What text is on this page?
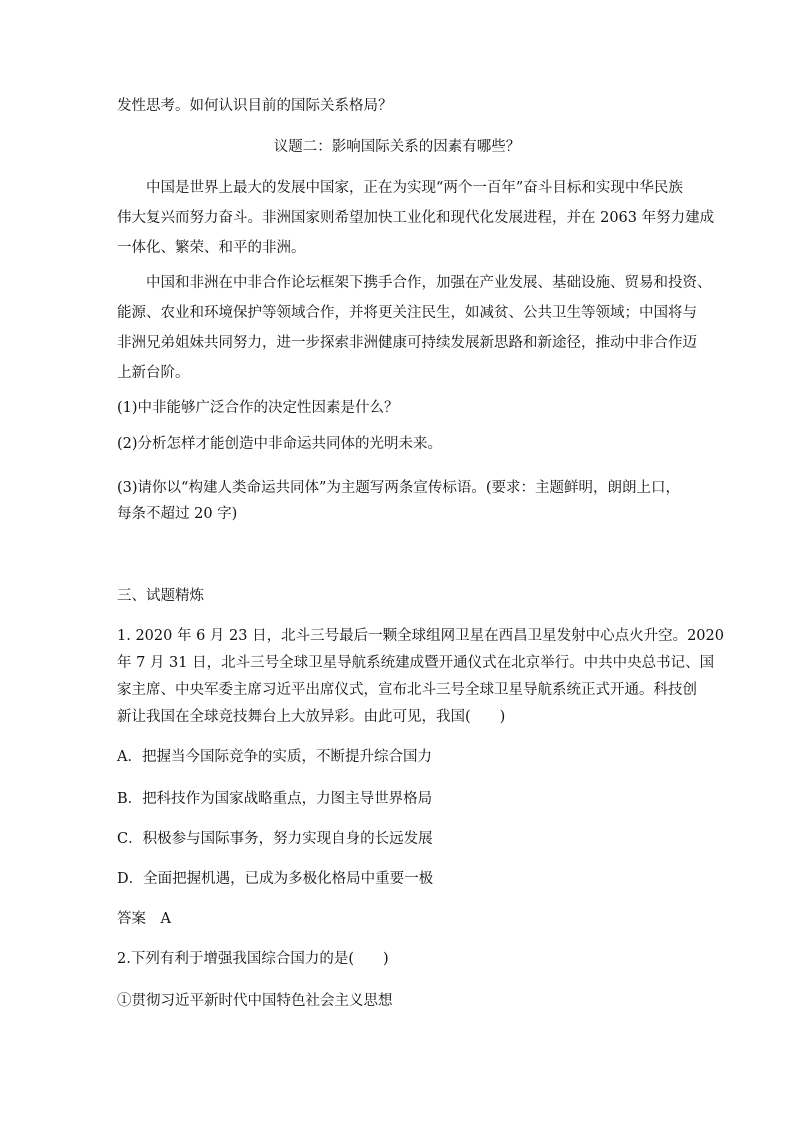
发性思考。如何认识目前的国际关系格局？
议题二：影响国际关系的因素有哪些？
中国是世界上最大的发展中国家，正在为实现“两个一百年”奋斗目标和实现中华民族
伟大复兴而努力奋斗。非洲国家则希望加快工业化和现代化发展进程，并在 2063 年努力建成
一体化、繁荣、和平的非洲。
中国和非洲在中非合作论坛框架下携手合作，加强在产业发展、基础设施、贸易和投资、
能源、农业和环境保护等领域合作，并将更关注民生，如减贫、公共卫生等领域；中国将与
非洲兄弟姐妹共同努力，进一步探索非洲健康可持续发展新思路和新途径，推动中非合作迈
上新台阶。
(1)中非能够广泛合作的决定性因素是什么？
(2)分析怎样才能创造中非命运共同体的光明未来。
(3)请你以“构建人类命运共同体”为主题写两条宣传标语。(要求：主题鲜明，朗朗上口，
每条不超过 20 字)
三、试题精炼
1. 2020 年 6 月 23 日，北斗三号最后一颗全球组网卫星在西昌卫星发射中心点火升空。2020
年 7 月 31 日，北斗三号全球卫星导航系统建成暨开通仪式在北京举行。中共中央总书记、国
家主席、中央军委主席习近平出席仪式，宣布北斗三号全球卫星导航系统正式开通。科技创
新让我国在全球竞技舞台上大放异彩。由此可见，我国(　　)
A．把握当今国际竞争的实质，不断提升综合国力
B．把科技作为国家战略重点，力图主导世界格局
C．积极参与国际事务，努力实现自身的长远发展
D．全面把握机遇，已成为多极化格局中重要一极
答案　A
2.下列有利于增强我国综合国力的是(　　)
①贯彻习近平新时代中国特色社会主义思想
